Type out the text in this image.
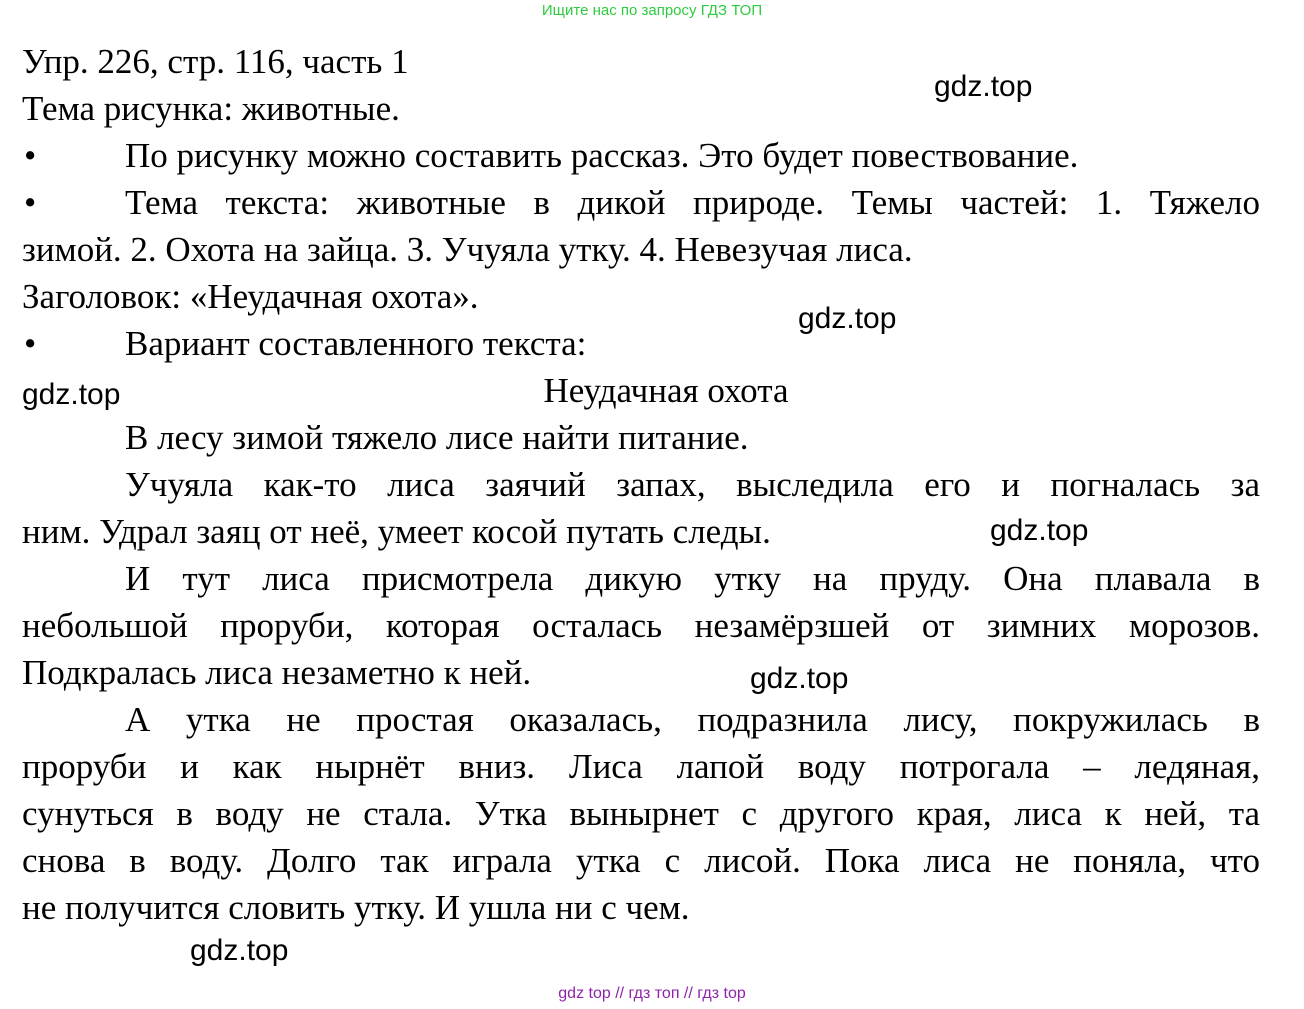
Ищите нас по запросу ГДЗ ТОП
Упр. 226, стр. 116, часть 1
Тема рисунка: животные.
•	По рисунку можно составить рассказ. Это будет повествование.
•	Тема текста: животные в дикой природе. Темы частей: 1. Тяжело
зимой. 2. Охота на зайца. 3. Учуяла утку. 4. Невезучая лиса.
Заголовок: «Неудачная охота».
•	Вариант составленного текста:
Неудачная охота
В лесу зимой тяжело лисе найти питание.
Учуяла как-то лиса заячий запах, выследила его и погналась за
ним. Удрал заяц от неё, умеет косой путать следы.
И тут лиса присмотрела дикую утку на пруду. Она плавала в
небольшой проруби, которая осталась незамёрзшей от зимних морозов.
Подкралась лиса незаметно к ней.
А утка не простая оказалась, подразнила лису, покружилась в
проруби и как нырнёт вниз. Лиса лапой воду потрогала – ледяная,
сунуться в воду не стала. Утка вынырнет с другого края, лиса к ней, та
снова в воду. Долго так играла утка с лисой. Пока лиса не поняла, что
не получится словить утку. И ушла ни с чем.
gdz.top
gdz.top
gdz.top
gdz.top
gdz.top
gdz.top
gdz top // гдз топ // гдз top
